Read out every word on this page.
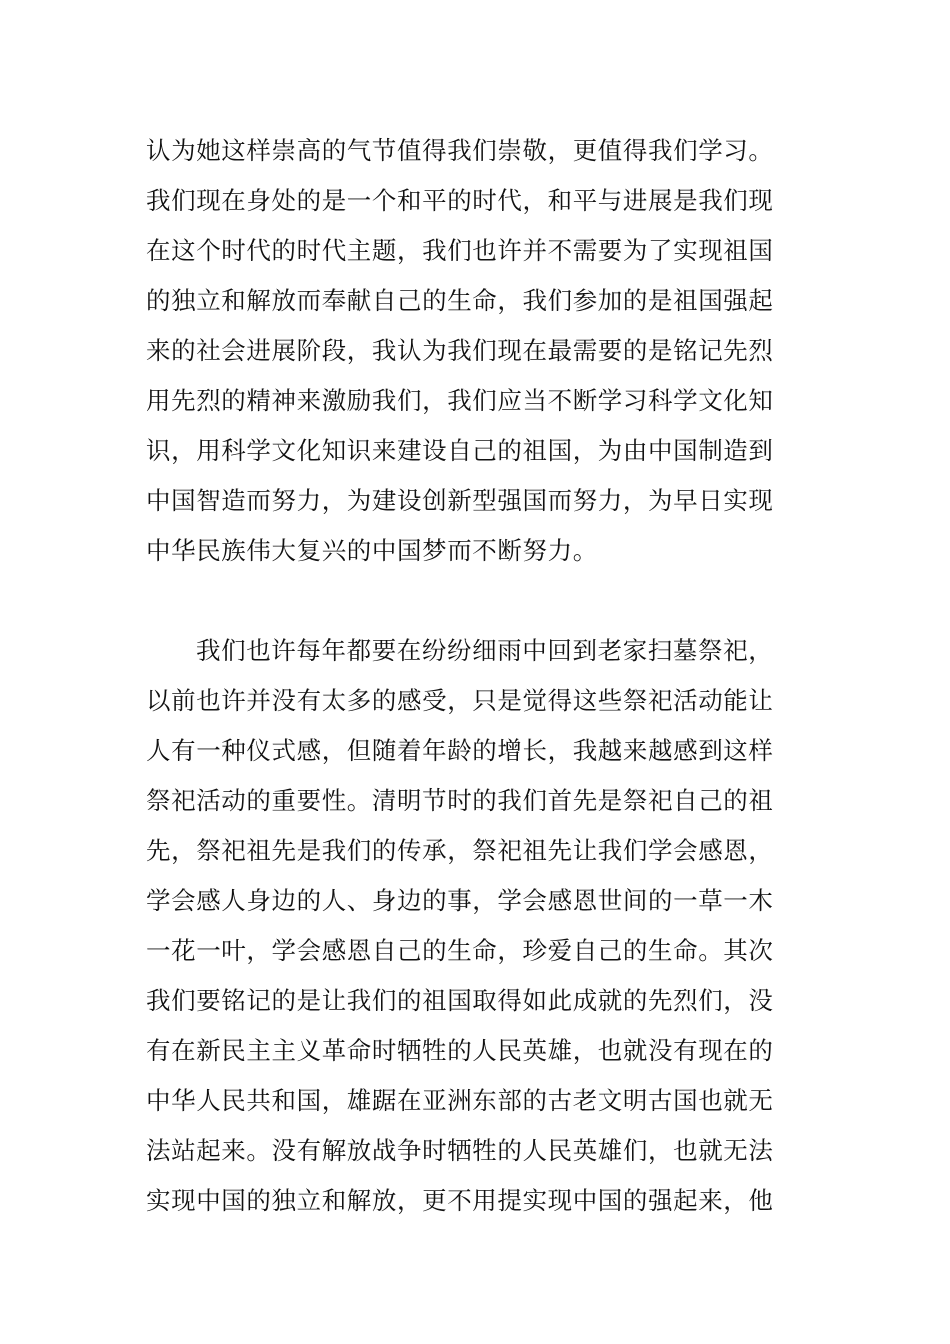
认为她这样崇高的气节值得我们崇敬，更值得我们学习。
我们现在身处的是一个和平的时代，和平与进展是我们现
在这个时代的时代主题，我们也许并不需要为了实现祖国
的独立和解放而奉献自己的生命，我们参加的是祖国强起
来的社会进展阶段，我认为我们现在最需要的是铭记先烈
用先烈的精神来激励我们，我们应当不断学习科学文化知
识，用科学文化知识来建设自己的祖国，为由中国制造到
中国智造而努力，为建设创新型强国而努力，为早日实现
中华民族伟大复兴的中国梦而不断努力。
我们也许每年都要在纷纷细雨中回到老家扫墓祭祀，
以前也许并没有太多的感受，只是觉得这些祭祀活动能让
人有一种仪式感，但随着年龄的增长，我越来越感到这样
祭祀活动的重要性。清明节时的我们首先是祭祀自己的祖
先，祭祀祖先是我们的传承，祭祀祖先让我们学会感恩，
学会感人身边的人、身边的事，学会感恩世间的一草一木
一花一叶，学会感恩自己的生命，珍爱自己的生命。其次
我们要铭记的是让我们的祖国取得如此成就的先烈们，没
有在新民主主义革命时牺牲的人民英雄，也就没有现在的
中华人民共和国，雄踞在亚洲东部的古老文明古国也就无
法站起来。没有解放战争时牺牲的人民英雄们，也就无法
实现中国的独立和解放，更不用提实现中国的强起来，他
